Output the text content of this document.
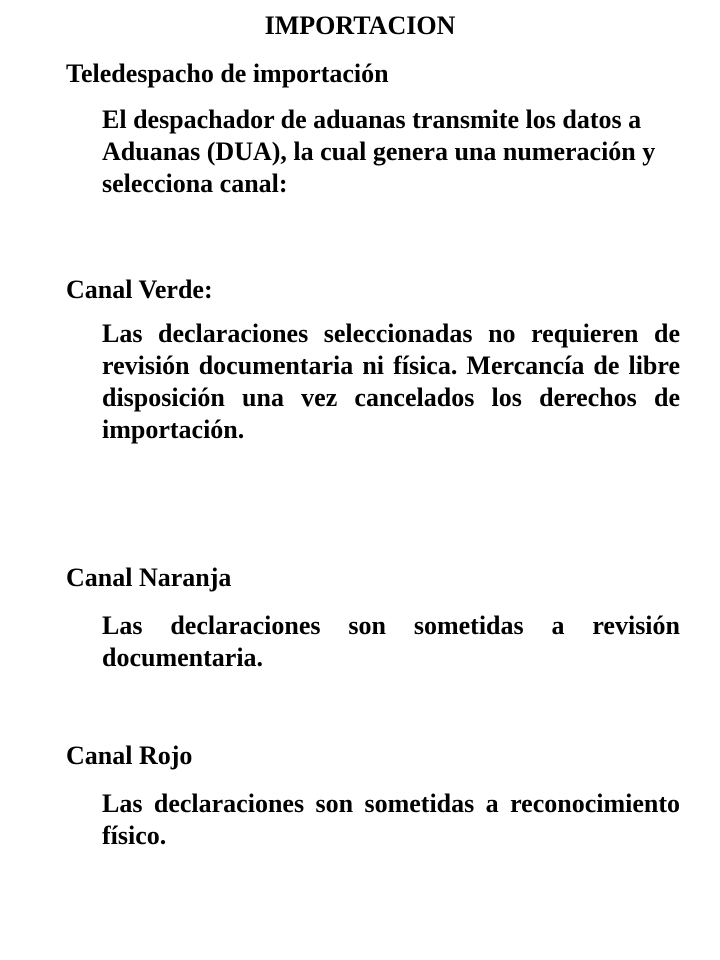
IMPORTACION
Teledespacho de importación
El despachador de aduanas transmite los datos a Aduanas (DUA), la cual genera una numeración y selecciona canal:
Canal Verde:
Las declaraciones seleccionadas no requieren de revisión documentaria ni física. Mercancía de libre disposición una vez cancelados los derechos de importación.
Canal Naranja
Las declaraciones son sometidas a revisión documentaria.
Canal Rojo
Las declaraciones son sometidas a reconocimiento físico.
